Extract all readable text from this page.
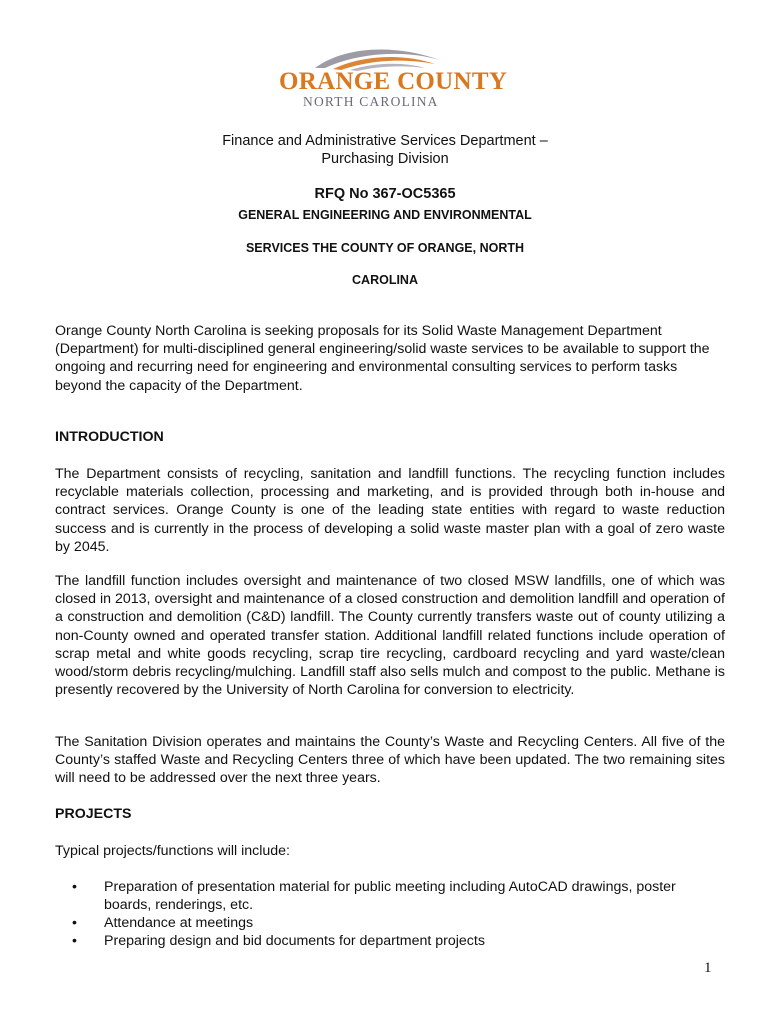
ORANGE COUNTY
NORTH CAROLINA
Finance and Administrative Services Department –
Purchasing Division
RFQ No 367-OC5365
GENERAL ENGINEERING AND ENVIRONMENTAL
SERVICES THE COUNTY OF ORANGE, NORTH
CAROLINA
Orange County North Carolina is seeking proposals for its Solid Waste Management Department (Department) for multi-disciplined general engineering/solid waste services to be available to support the ongoing and recurring need for engineering and environmental consulting services to perform tasks beyond the capacity of the Department.
INTRODUCTION
The Department consists of recycling, sanitation and landfill functions. The recycling function includes recyclable materials collection, processing and marketing, and is provided through both in-house and contract services. Orange County is one of the leading state entities with regard to waste reduction success and is currently in the process of developing a solid waste master plan with a goal of zero waste by 2045.
The landfill function includes oversight and maintenance of two closed MSW landfills, one of which was closed in 2013, oversight and maintenance of a closed construction and demolition landfill and operation of a construction and demolition (C&D) landfill. The County currently transfers waste out of county utilizing a non-County owned and operated transfer station. Additional landfill related functions include operation of scrap metal and white goods recycling, scrap tire recycling, cardboard recycling and yard waste/clean wood/storm debris recycling/mulching. Landfill staff also sells mulch and compost to the public. Methane is presently recovered by the University of North Carolina for conversion to electricity.
The Sanitation Division operates and maintains the County’s Waste and Recycling Centers. All five of the County’s staffed Waste and Recycling Centers three of which have been updated. The two remaining sites will need to be addressed over the next three years.
PROJECTS
Typical projects/functions will include:
• Preparation of presentation material for public meeting including AutoCAD drawings, poster boards, renderings, etc.
• Attendance at meetings
• Preparing design and bid documents for department projects
1
